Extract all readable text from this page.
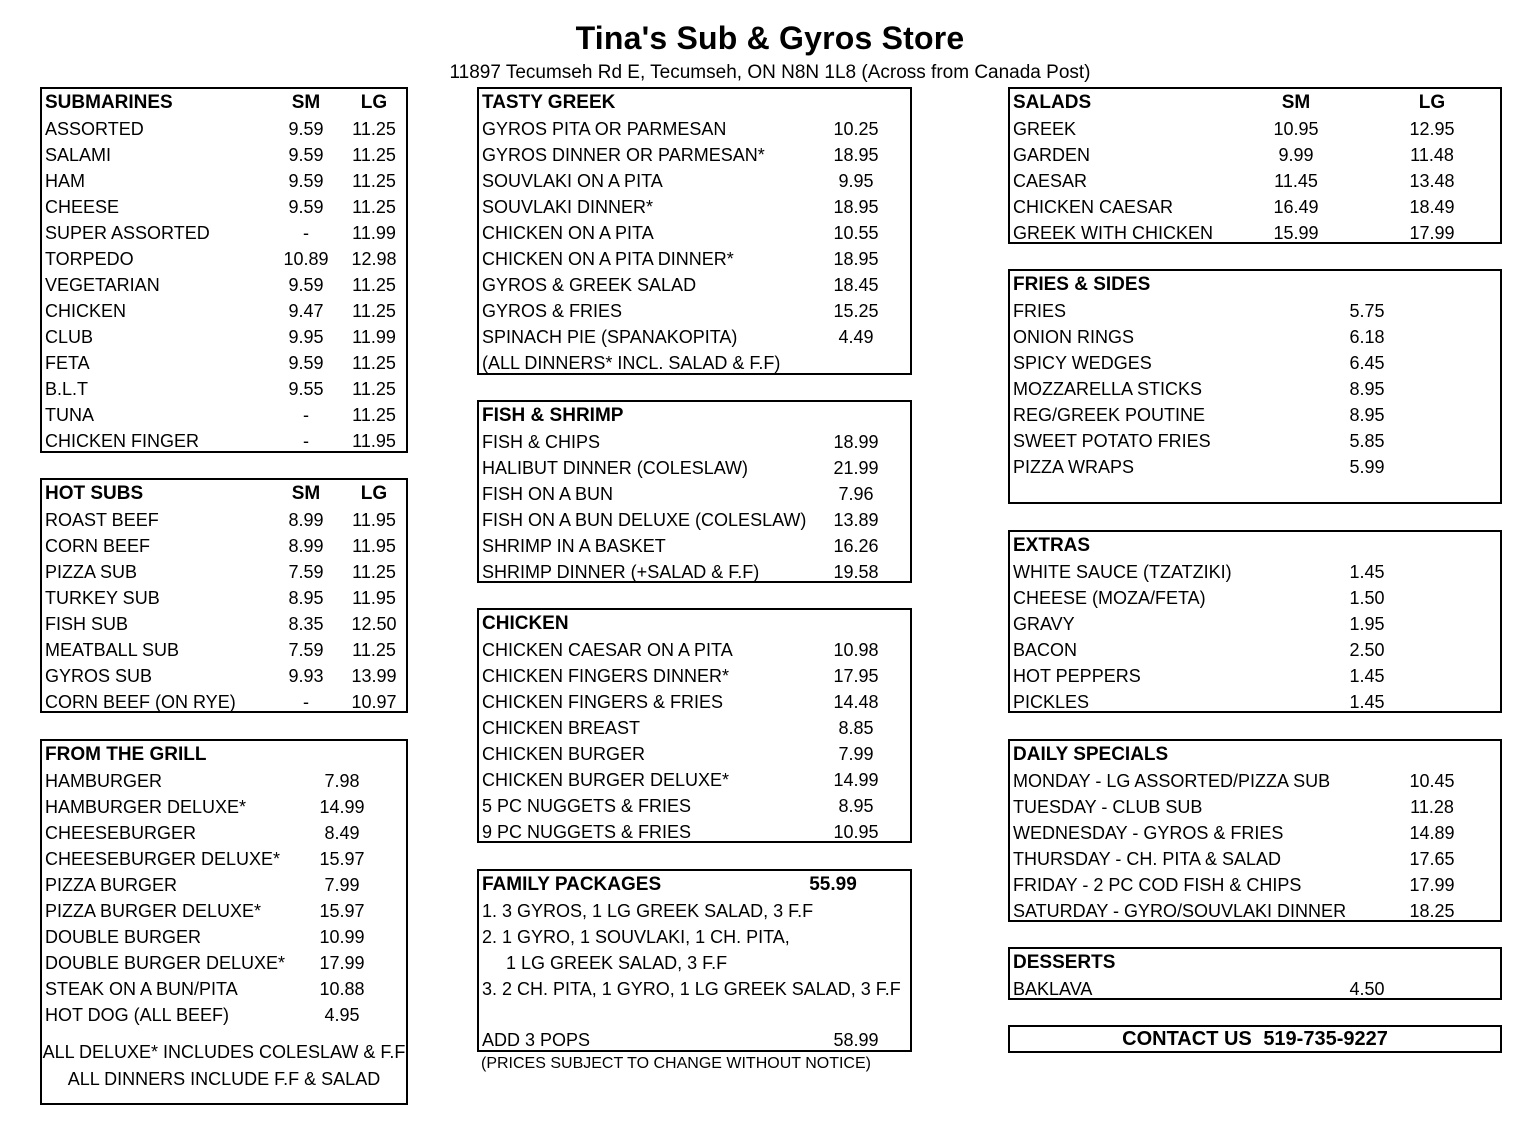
Tina's Sub & Gyros Store
11897 Tecumseh Rd E, Tecumseh, ON N8N 1L8 (Across from Canada Post)
SUBMARINES	SM	LG
ASSORTED	9.59	11.25
SALAMI	9.59	11.25
HAM	9.59	11.25
CHEESE	9.59	11.25
SUPER ASSORTED	-	11.99
TORPEDO	10.89	12.98
VEGETARIAN	9.59	11.25
CHICKEN	9.47	11.25
CLUB	9.95	11.99
FETA	9.59	11.25
B.L.T	9.55	11.25
TUNA	-	11.25
CHICKEN FINGER	-	11.95
HOT SUBS	SM	LG
ROAST BEEF	8.99	11.95
CORN BEEF	8.99	11.95
PIZZA SUB	7.59	11.25
TURKEY SUB	8.95	11.95
FISH SUB	8.35	12.50
MEATBALL SUB	7.59	11.25
GYROS SUB	9.93	13.99
CORN BEEF (ON RYE)	-	10.97
ALL DELUXE* INCLUDES COLESLAW & F.F
ALL DINNERS INCLUDE F.F & SALAD
FROM THE GRILL
HAMBURGER	7.98
HAMBURGER DELUXE*	14.99
CHEESEBURGER	8.49
CHEESEBURGER DELUXE*	15.97
PIZZA BURGER	7.99
PIZZA BURGER DELUXE*	15.97
DOUBLE BURGER	10.99
DOUBLE BURGER DELUXE*	17.99
STEAK ON A BUN/PITA	10.88
HOT DOG (ALL BEEF)	4.95
TASTY GREEK
GYROS PITA OR PARMESAN	10.25
GYROS DINNER OR PARMESAN*	18.95
SOUVLAKI ON A PITA	9.95
SOUVLAKI DINNER*	18.95
CHICKEN ON A PITA	10.55
CHICKEN ON A PITA DINNER*	18.95
GYROS & GREEK SALAD	18.45
GYROS & FRIES	15.25
SPINACH PIE (SPANAKOPITA)	4.49
(ALL DINNERS* INCL. SALAD & F.F)
FISH & SHRIMP
FISH & CHIPS	18.99
HALIBUT DINNER (COLESLAW)	21.99
FISH ON A BUN	7.96
FISH ON A BUN DELUXE (COLESLAW)	13.89
SHRIMP IN A BASKET	16.26
SHRIMP DINNER (+SALAD & F.F)	19.58
CHICKEN
CHICKEN CAESAR ON A PITA	10.98
CHICKEN FINGERS DINNER*	17.95
CHICKEN FINGERS & FRIES	14.48
CHICKEN BREAST	8.85
CHICKEN BURGER	7.99
CHICKEN BURGER DELUXE*	14.99
5 PC NUGGETS & FRIES	8.95
9 PC NUGGETS & FRIES	10.95
FAMILY PACKAGES	55.99
1. 3 GYROS, 1 LG GREEK SALAD, 3 F.F
2. 1 GYRO, 1 SOUVLAKI, 1 CH. PITA,
1 LG GREEK SALAD, 3 F.F
3. 2 CH. PITA, 1 GYRO, 1 LG GREEK SALAD, 3 F.F
ADD 3 POPS	58.99
(PRICES SUBJECT TO CHANGE WITHOUT NOTICE)
SALADS	SM	LG
GREEK	10.95	12.95
GARDEN	9.99	11.48
CAESAR	11.45	13.48
CHICKEN CAESAR	16.49	18.49
GREEK WITH CHICKEN	15.99	17.99
FRIES & SIDES
FRIES	5.75
ONION RINGS	6.18
SPICY WEDGES	6.45
MOZZARELLA STICKS	8.95
REG/GREEK POUTINE	8.95
SWEET POTATO FRIES	5.85
PIZZA WRAPS	5.99
EXTRAS
WHITE SAUCE (TZATZIKI)	1.45
CHEESE (MOZA/FETA)	1.50
GRAVY	1.95
BACON	2.50
HOT PEPPERS	1.45
PICKLES	1.45
DAILY SPECIALS
MONDAY - LG ASSORTED/PIZZA SUB	10.45
TUESDAY - CLUB SUB	11.28
WEDNESDAY - GYROS & FRIES	14.89
THURSDAY - CH. PITA & SALAD	17.65
FRIDAY - 2 PC COD FISH & CHIPS	17.99
SATURDAY - GYRO/SOUVLAKI DINNER	18.25
DESSERTS
BAKLAVA	4.50
CONTACT US 519-735-9227
